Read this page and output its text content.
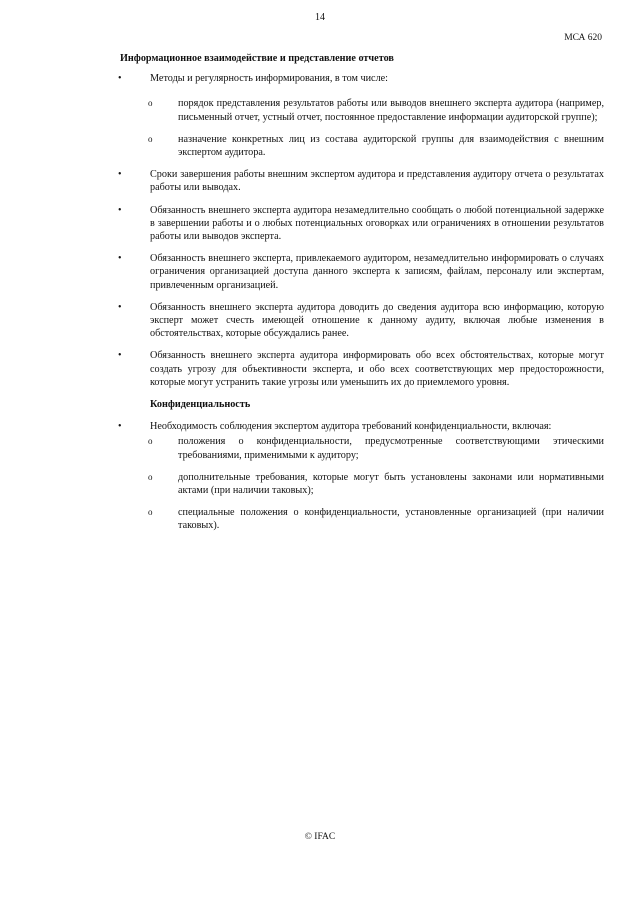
14
МСА 620
Информационное взаимодействие и представление отчетов
•	Методы и регулярность информирования, в том числе:
o	порядок представления результатов работы или выводов внешнего эксперта аудитора (например, письменный отчет, устный отчет, постоянное предоставление информации аудиторской группе);
o	назначение конкретных лиц из состава аудиторской группы для взаимодействия с внешним экспертом аудитора.
•	Сроки завершения работы внешним экспертом аудитора и представления аудитору отчета о результатах работы или выводах.
•	Обязанность внешнего эксперта аудитора незамедлительно сообщать о любой потенциальной задержке в завершении работы и о любых потенциальных оговорках или ограничениях в отношении результатов работы или выводов эксперта.
•	Обязанность внешнего эксперта, привлекаемого аудитором, незамедлительно информировать о случаях ограничения организацией доступа данного эксперта к записям, файлам, персоналу или экспертам, привлеченным организацией.
•	Обязанность внешнего эксперта аудитора доводить до сведения аудитора всю информацию, которую эксперт может счесть имеющей отношение к данному аудиту, включая любые изменения в обстоятельствах, которые обсуждались ранее.
•	Обязанность внешнего эксперта аудитора информировать обо всех обстоятельствах, которые могут создать угрозу для объективности эксперта, и обо всех соответствующих мер предосторожности, которые могут устранить такие угрозы или уменьшить их до приемлемого уровня.
Конфиденциальность
•	Необходимость соблюдения экспертом аудитора требований конфиденциальности, включая:
o	положения о конфиденциальности, предусмотренные соответствующими этическими требованиями, применимыми к аудитору;
o	дополнительные требования, которые могут быть установлены законами или нормативными актами (при наличии таковых);
o	специальные положения о конфиденциальности, установленные организацией (при наличии таковых).
© IFAC
